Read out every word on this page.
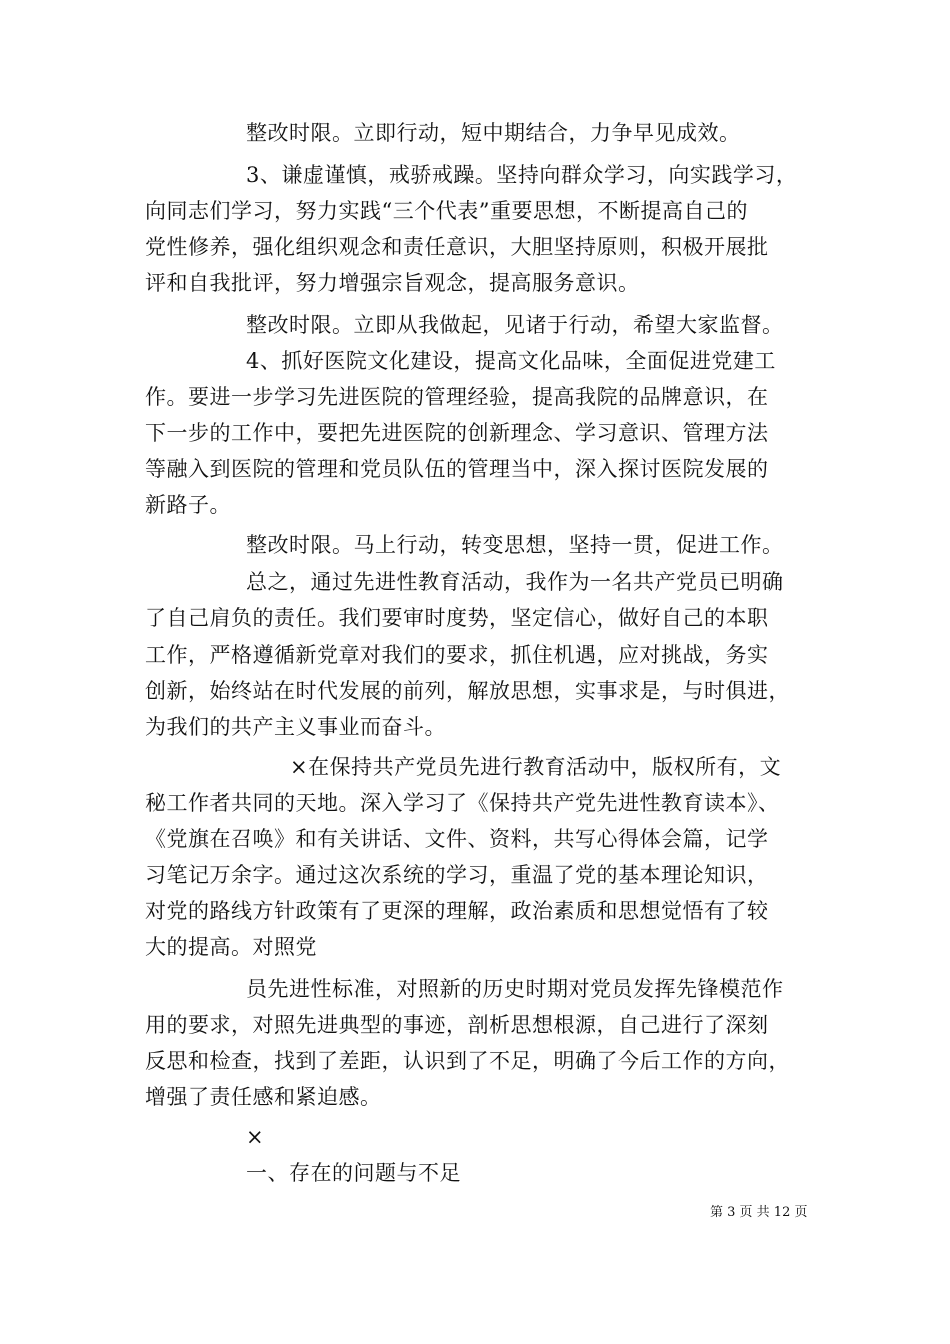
整改时限。立即行动，短中期结合，力争早见成效。
3、谦虚谨慎，戒骄戒躁。坚持向群众学习，向实践学习，
向同志们学习，努力实践“三个代表”重要思想，不断提高自己的
党性修养，强化组织观念和责任意识，大胆坚持原则，积极开展批
评和自我批评，努力增强宗旨观念，提高服务意识。
整改时限。立即从我做起，见诸于行动，希望大家监督。
4、抓好医院文化建设，提高文化品味，全面促进党建工
作。要进一步学习先进医院的管理经验，提高我院的品牌意识，在
下一步的工作中，要把先进医院的创新理念、学习意识、管理方法
等融入到医院的管理和党员队伍的管理当中，深入探讨医院发展的
新路子。
整改时限。马上行动，转变思想，坚持一贯，促进工作。
总之，通过先进性教育活动，我作为一名共产党员已明确
了自己肩负的责任。我们要审时度势，坚定信心，做好自己的本职
工作，严格遵循新党章对我们的要求，抓住机遇，应对挑战，务实
创新，始终站在时代发展的前列，解放思想，实事求是，与时俱进，
为我们的共产主义事业而奋斗。
×在保持共产党员先进行教育活动中，版权所有，文
秘工作者共同的天地。深入学习了《保持共产党先进性教育读本》、
《党旗在召唤》和有关讲话、文件、资料，共写心得体会篇，记学
习笔记万余字。通过这次系统的学习，重温了党的基本理论知识，
对党的路线方针政策有了更深的理解，政治素质和思想觉悟有了较
大的提高。对照党
员先进性标准，对照新的历史时期对党员发挥先锋模范作
用的要求，对照先进典型的事迹，剖析思想根源，自己进行了深刻
反思和检查，找到了差距，认识到了不足，明确了今后工作的方向，
增强了责任感和紧迫感。
×
一、存在的问题与不足
第 3 页 共 12 页
